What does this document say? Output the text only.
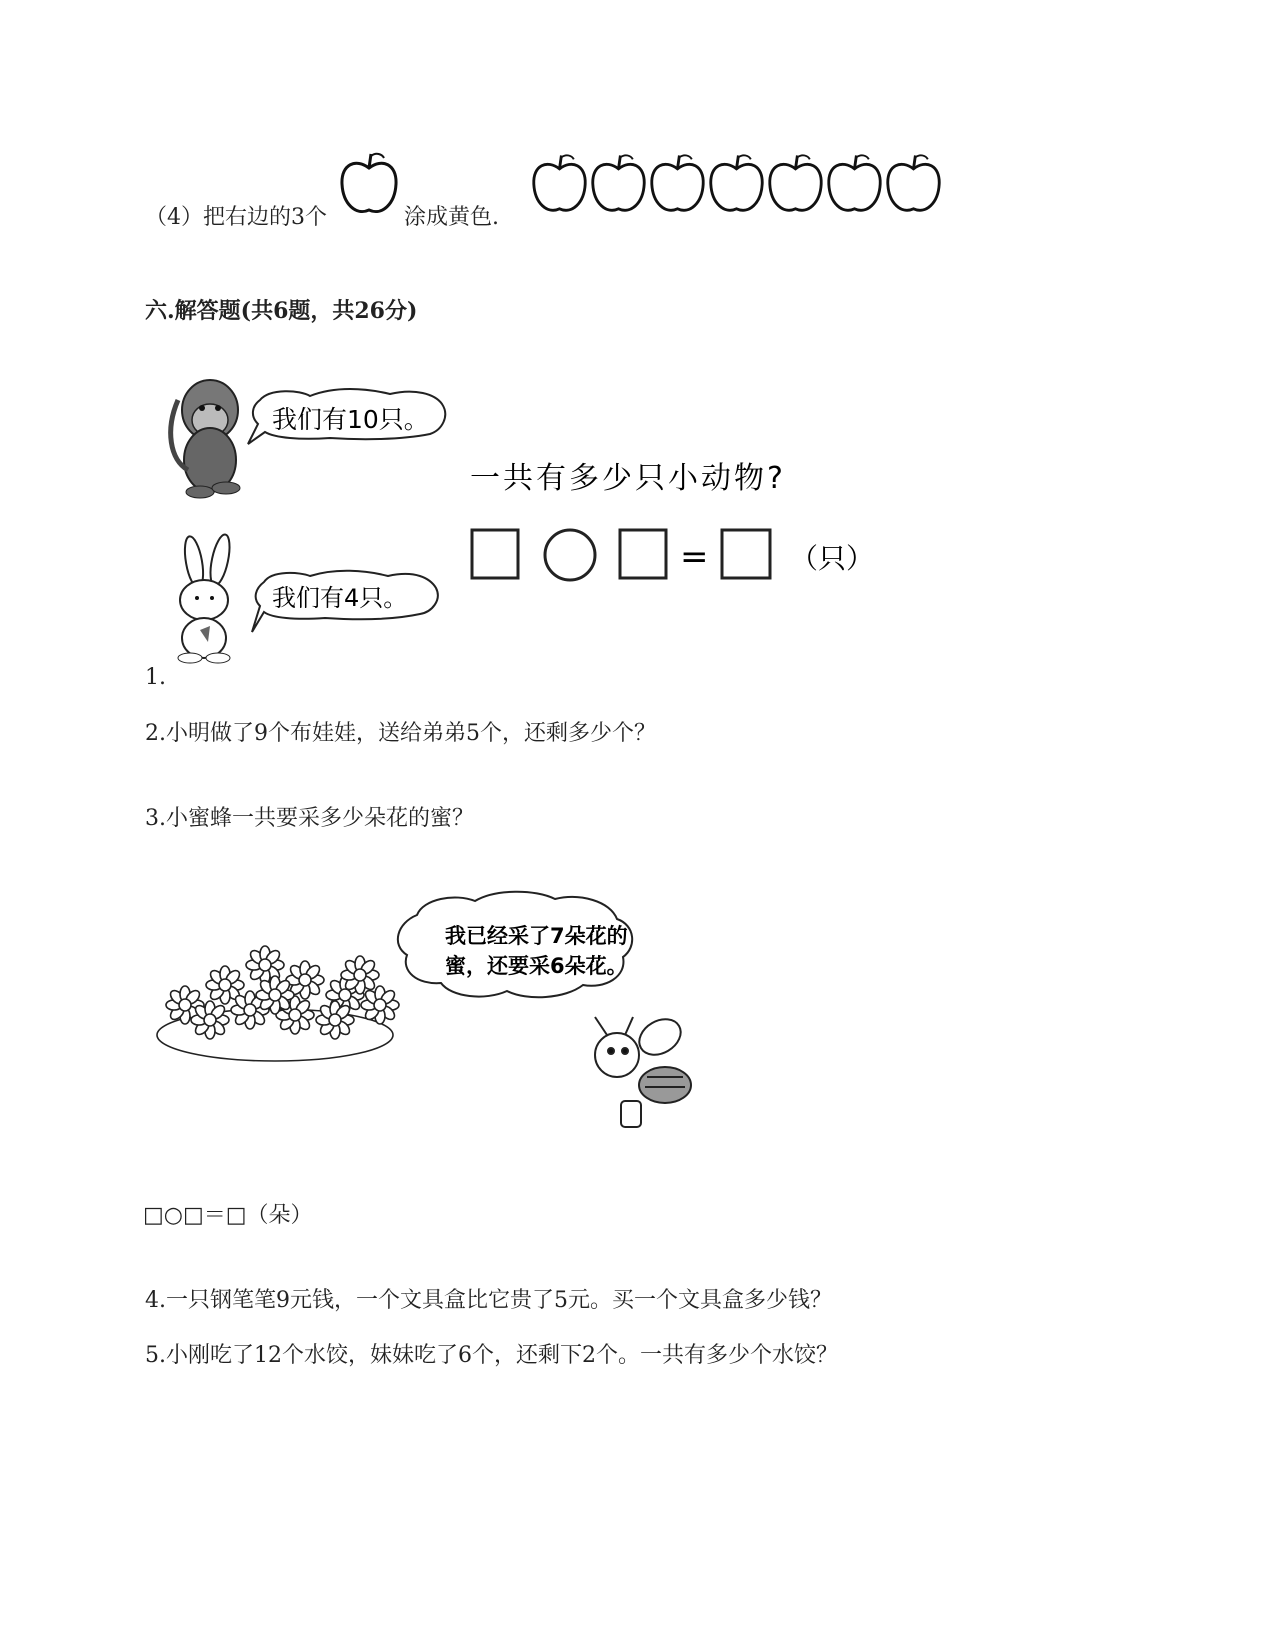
（4）把右边的3个	涂成黄色.
六.解答题(共6题，共26分)
我们有10只。
一共有多少只小动物?
=	（只）
我们有4只。
1.
2.小明做了9个布娃娃，送给弟弟5个，还剩多少个？
3.小蜜蜂一共要采多少朵花的蜜？
我已经采了7朵花的
蜜，还要采6朵花。
□○□＝□（朵）
4.一只钢笔笔9元钱，一个文具盒比它贵了5元。买一个文具盒多少钱？
5.小刚吃了12个水饺，妹妹吃了6个，还剩下2个。一共有多少个水饺？
